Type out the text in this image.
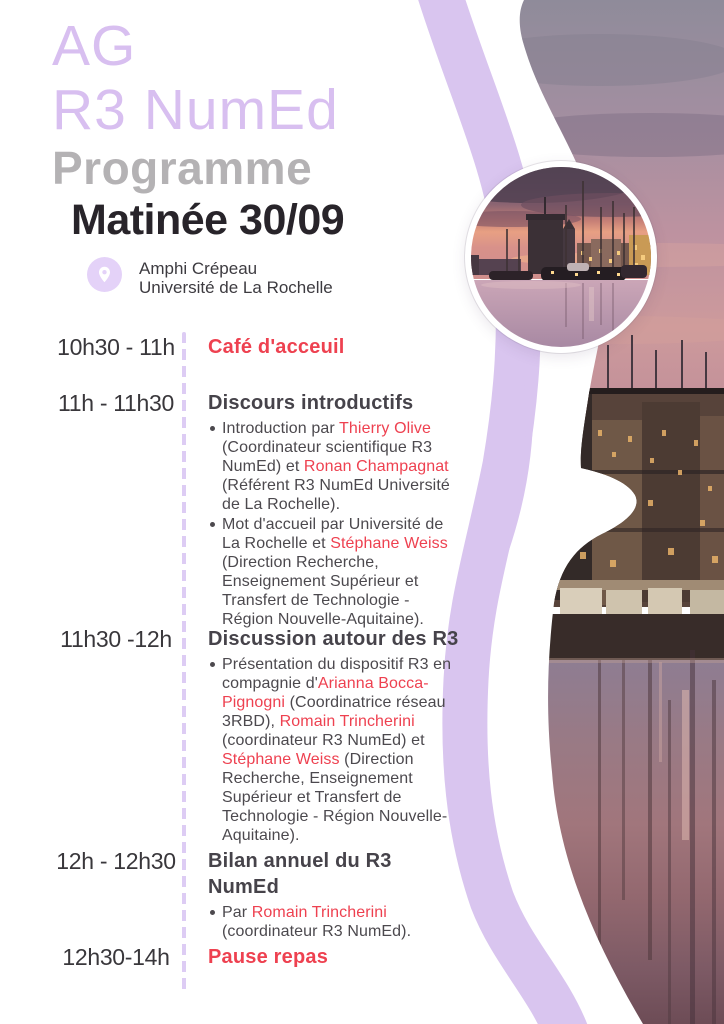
AG
R3 NumEd
Programme
Matinée 30/09
Amphi Crépeau
Université de La Rochelle
10h30 - 11h Café d'acceuil
11h - 11h30 Discours introductifs
Introduction par Thierry Olive (Coordinateur scientifique R3 NumEd) et Ronan Champagnat (Référent R3 NumEd Université de La Rochelle).
Mot d'accueil par Université de La Rochelle et Stéphane Weiss (Direction Recherche, Enseignement Supérieur et Transfert de Technologie - Région Nouvelle-Aquitaine).
11h30 -12h	Discussion autour des R3
Présentation du dispositif R3 en compagnie d'Arianna Bocca-Pignogni (Coordinatrice réseau 3RBD), Romain Trincherini (coordinateur R3 NumEd) et Stéphane Weiss (Direction Recherche, Enseignement Supérieur et Transfert de Technologie - Région Nouvelle-Aquitaine).
12h - 12h30 Bilan annuel du R3 NumEd
Par Romain Trincherini (coordinateur R3 NumEd).
12h30-14h	Pause repas
